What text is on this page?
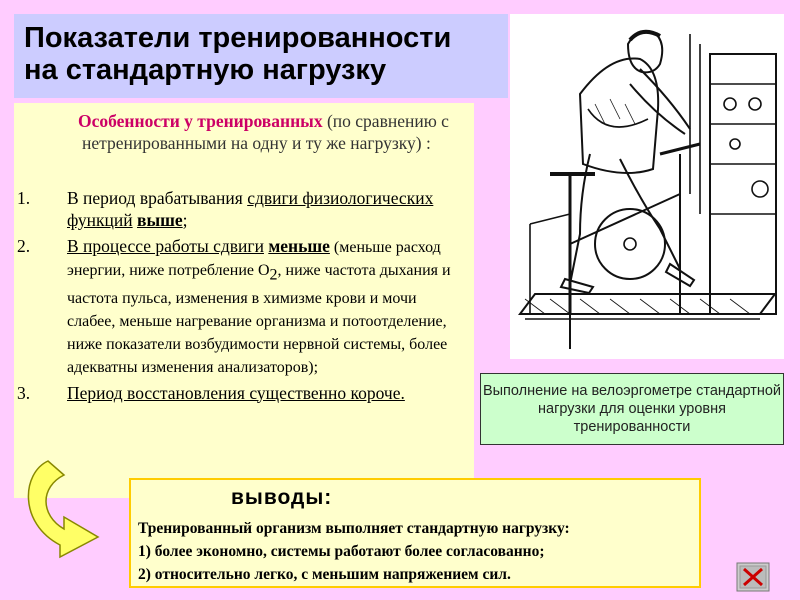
Показатели тренированности
на стандартную нагрузку

Особенности у тренированных (по сравнению с нетренированными на одну и ту же нагрузку) :

1. В период врабатывания сдвиги физиологических функций выше;
2. В процессе работы сдвиги меньше (меньше расход энергии, ниже потребление $О_2$, ниже частота дыхания и частота пульса, изменения в химизме крови и мочи слабее, меньше нагревание организма и потоотделение, ниже показатели возбудимости нервной системы, более адекватны изменения анализаторов);
3. Период восстановления существенно короче.	Выполнение на велоэргометре стандартной нагрузки для оценки уровня тренированности
выводы:
Тренированный организм выполняет стандартную нагрузку:
1) более экономно, системы работают более согласованно;
2) относительно легко, с меньшим напряжением сил.
